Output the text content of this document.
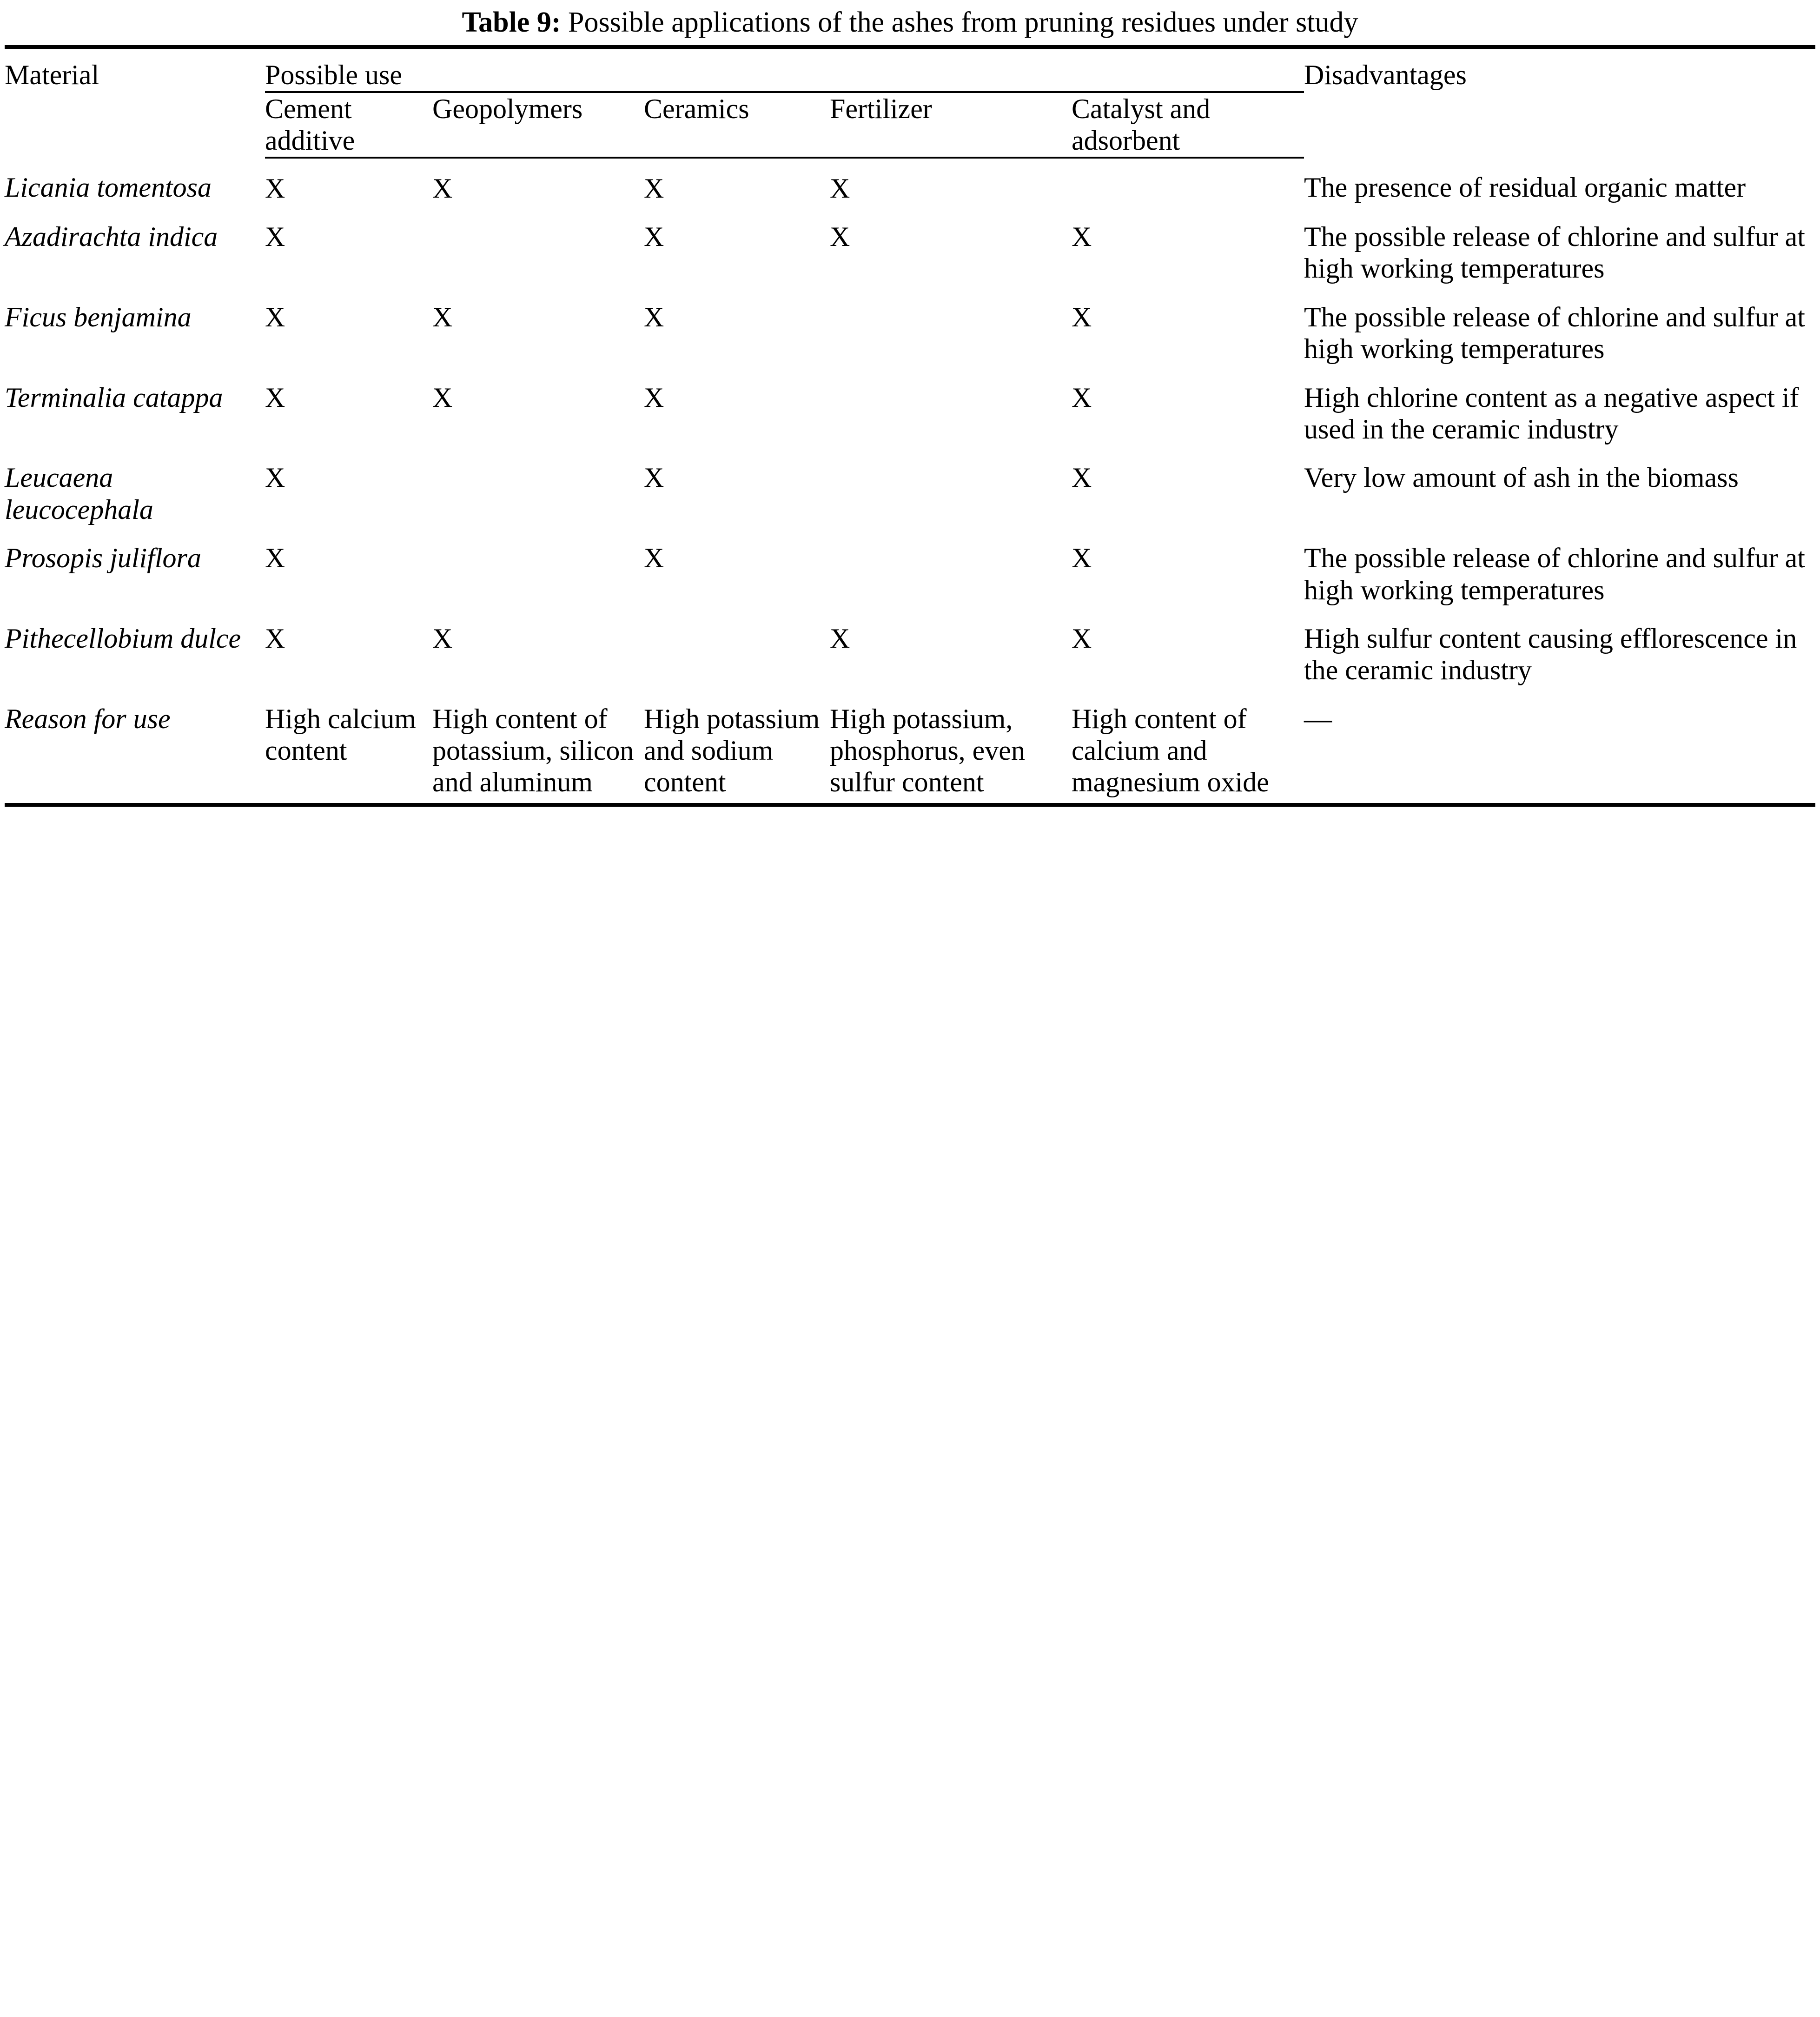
Table 9: Possible applications of the ashes from pruning residues under study
Material	Possible use					Disadvantages
	Cement additive	Geopolymers	Ceramics	Fertilizer	Catalyst and adsorbent	
Licania tomentosa	X	X	X	X		The presence of residual organic matter
Azadirachta indica	X		X	X	X	The possible release of chlorine and sulfur at high working temperatures
Ficus benjamina	X	X	X		X	The possible release of chlorine and sulfur at high working temperatures
Terminalia catappa	X	X	X		X	High chlorine content as a negative aspect if used in the ceramic industry
Leucaena leucocephala	X		X		X	Very low amount of ash in the biomass
Prosopis juliflora	X		X		X	The possible release of chlorine and sulfur at high working temperatures
Pithecellobium dulce	X	X		X	X	High sulfur content causing efflorescence in the ceramic industry
Reason for use	High calcium content	High content of potassium, silicon and aluminum	High potassium and sodium content	High potassium, phosphorus, even sulfur content	High content of calcium and magnesium oxide	—
